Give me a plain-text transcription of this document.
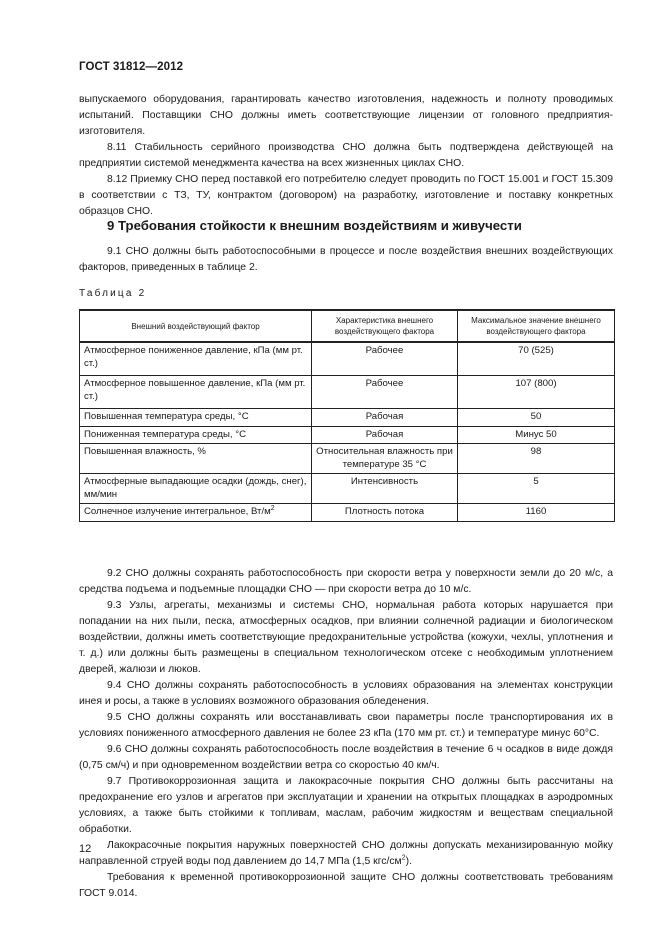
ГОСТ 31812—2012

выпускаемого оборудования, гарантировать качество изготовления, надежность и полноту проводимых испытаний. Поставщики СНО должны иметь соответствующие лицензии от головного предприятия-изготовителя.

8.11 Стабильность серийного производства СНО должна быть подтверждена действующей на предприятии системой менеджмента качества на всех жизненных циклах СНО.

8.12 Приемку СНО перед поставкой его потребителю следует проводить по ГОСТ 15.001 и ГОСТ 15.309 в соответствии с ТЗ, ТУ, контрактом (договором) на разработку, изготовление и поставку конкретных образцов СНО.

9 Требования стойкости к внешним воздействиям и живучести

9.1 СНО должны быть работоспособными в процессе и после воздействия внешних воздействующих факторов, приведенных в таблице 2.

Таблица 2
Внешний воздействующий фактор	Характеристика внешнего воздействующего фактора	Максимальное значение внешнего воздействующего фактора
Атмосферное пониженное давление, кПа (мм рт. ст.)	Рабочее	70 (525)
Атмосферное повышенное давление, кПа (мм рт. ст.)	Рабочее	107 (800)
Повышенная температура среды, °С	Рабочая	50
Пониженная температура среды, °С	Рабочая	Минус 50
Повышенная влажность, %	Относительная влажность при температуре 35 °С	98
Атмосферные выпадающие осадки (дождь, снег), мм/мин	Интенсивность	5
Солнечное излучение интегральное, $Вт/м^2$	Плотность потока	1160

9.2 СНО должны сохранять работоспособность при скорости ветра у поверхности земли до 20 м/с, а средства подъема и подъемные площадки СНО — при скорости ветра до 10 м/с.

9.3 Узлы, агрегаты, механизмы и системы СНО, нормальная работа которых нарушается при попадании на них пыли, песка, атмосферных осадков, при влиянии солнечной радиации и биологическом воздействии, должны иметь соответствующие предохранительные устройства (кожухи, чехлы, уплотнения и т. д.) или должны быть размещены в специальном технологическом отсеке с необходимым уплотнением дверей, жалюзи и люков.

9.4 СНО должны сохранять работоспособность в условиях образования на элементах конструкции инея и росы, а также в условиях возможного образования обледенения.

9.5 СНО должны сохранять или восстанавливать свои параметры после транспортирования их в условиях пониженного атмосферного давления не более 23 кПа (170 мм рт. ст.) и температуре минус 60°С.

9.6 СНО должны сохранять работоспособность после воздействия в течение 6 ч осадков в виде дождя (0,75 см/ч) и при одновременном воздействии ветра со скоростью 40 км/ч.

9.7 Противокоррозионная защита и лакокрасочные покрытия СНО должны быть рассчитаны на предохранение его узлов и агрегатов при эксплуатации и хранении на открытых площадках в аэродромных условиях, а также быть стойкими к топливам, маслам, рабочим жидкостям и веществам специальной обработки.

Лакокрасочные покрытия наружных поверхностей СНО должны допускать механизированную мойку направленной струей воды под давлением до 14,7 МПа (1,5 кгс/$см^2$).

Требования к временной противокоррозионной защите СНО должны соответствовать требованиям ГОСТ 9.014.

12
